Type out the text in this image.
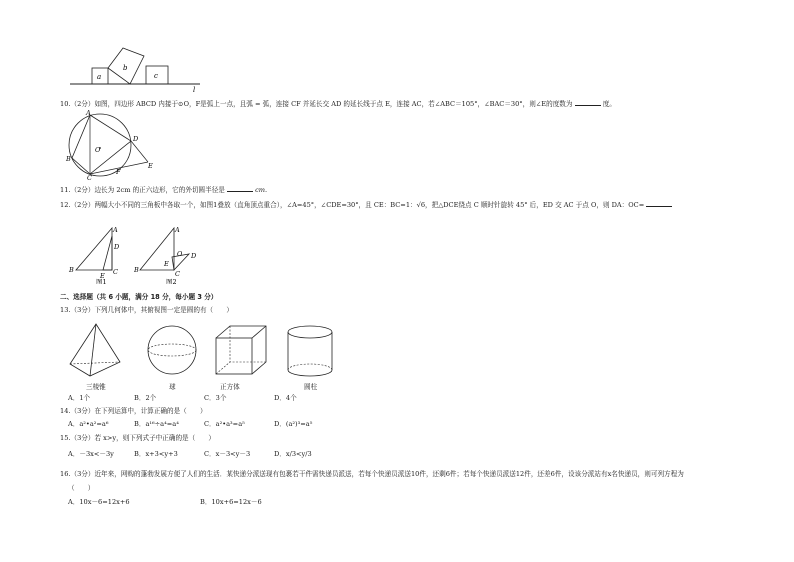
a
b
c
l
10.（2分）如图，四边形 ABCD 内接于⊙O，F是弧上一点，且弧 = 弧，连接 CF 并延长交 AD 的延长线于点 E，连接 AC，若∠ABC＝105°，∠BAC＝30°，则∠E的度数为	度。
A
B
C
D
E
F
O
11.（2分）边长为 2cm 的正六边形，它的外切圆半径是	cm.
12.（2分）两幅大小不同的三角板中各取一个，如图1叠放（直角顶点重合），∠A=45°，∠CDE=30°，且 CE：BC=1：√6，把△DCE绕点 C 顺时针旋转 45° 后，ED 交 AC 于点 O，则 DA：OC=
A
B	C
D
E
图1
A
B	C
D
E
O
图2
二、选择题（共 6 小题，满分 18 分，每小题 3 分）
13.（3分）下列几何体中，其俯视图一定是圆的有（　　）
三棱锥	球	正方体	圆柱
A．1个	B．2个	C．3个	D．4个
14.（3分）在下列运算中，计算正确的是（　　）
A．a²•a²=a⁶	B．a¹⁶÷a⁴=a⁴	C．a²•a³=a⁵	D．(a²)³=a⁵
15.（3分）若 x>y，则下列式子中正确的是（　　）
A．－3x<－3y	B．x+3<y+3	C．x－3<y－3	D．x/3<y/3
16.（3分）近年来，网购的蓬勃发展方便了人们的生活．某快递分派送现有包裹若干件需快递员派送，若每个快递员派送10件，还剩6件；若每个快递员派送12件，还差6件，设该分派站有x名快递员，则可列方程为
（　　）
A．10x－6=12x+6	B．10x+6=12x－6
